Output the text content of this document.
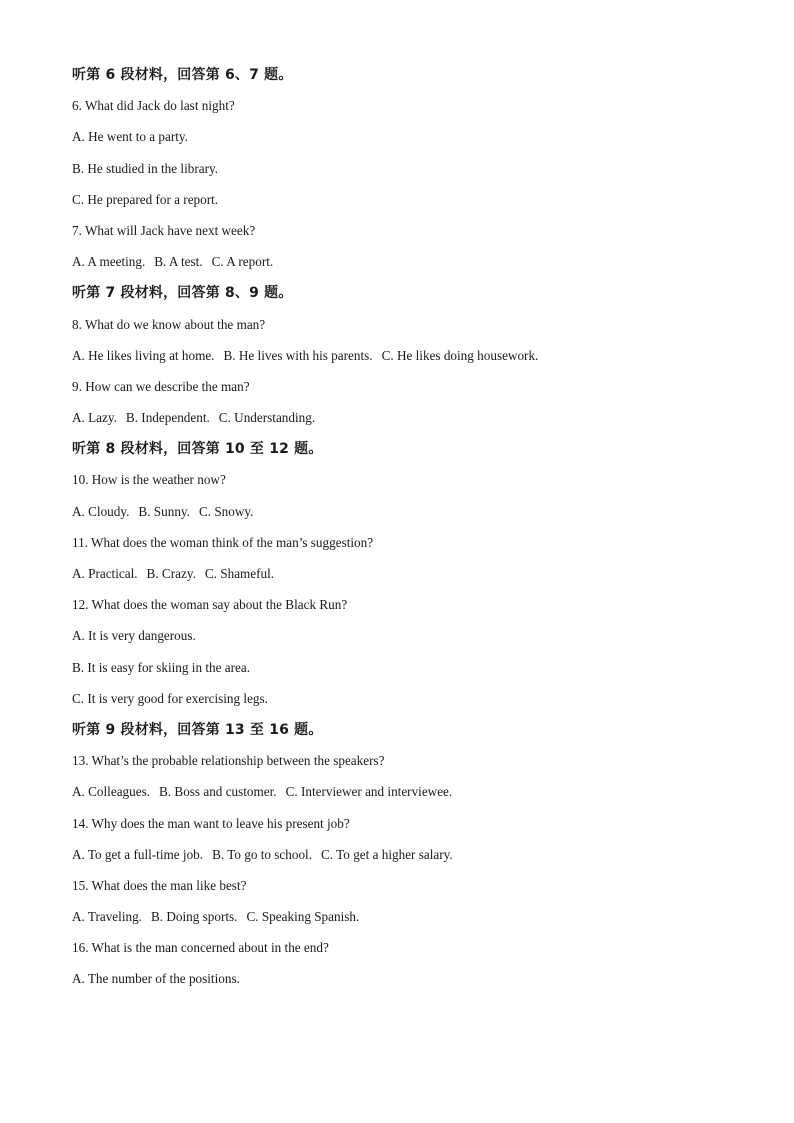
听第 6 段材料，回答第 6、7 题。
6. What did Jack do last night?
A. He went to a party.
B. He studied in the library.
C. He prepared for a report.
7. What will Jack have next week?
A. A meeting. B. A test. C. A report.
听第 7 段材料，回答第 8、9 题。
8. What do we know about the man?
A. He likes living at home. B. He lives with his parents. C. He likes doing housework.
9. How can we describe the man?
A. Lazy. B. Independent. C. Understanding.
听第 8 段材料，回答第 10 至 12 题。
10. How is the weather now?
A. Cloudy. B. Sunny. C. Snowy.
11. What does the woman think of the man’s suggestion?
A. Practical. B. Crazy. C. Shameful.
12. What does the woman say about the Black Run?
A. It is very dangerous.
B. It is easy for skiing in the area.
C. It is very good for exercising legs.
听第 9 段材料，回答第 13 至 16 题。
13. What’s the probable relationship between the speakers?
A. Colleagues. B. Boss and customer. C. Interviewer and interviewee.
14. Why does the man want to leave his present job?
A. To get a full-time job. B. To go to school. C. To get a higher salary.
15. What does the man like best?
A. Traveling. B. Doing sports. C. Speaking Spanish.
16. What is the man concerned about in the end?
A. The number of the positions.
